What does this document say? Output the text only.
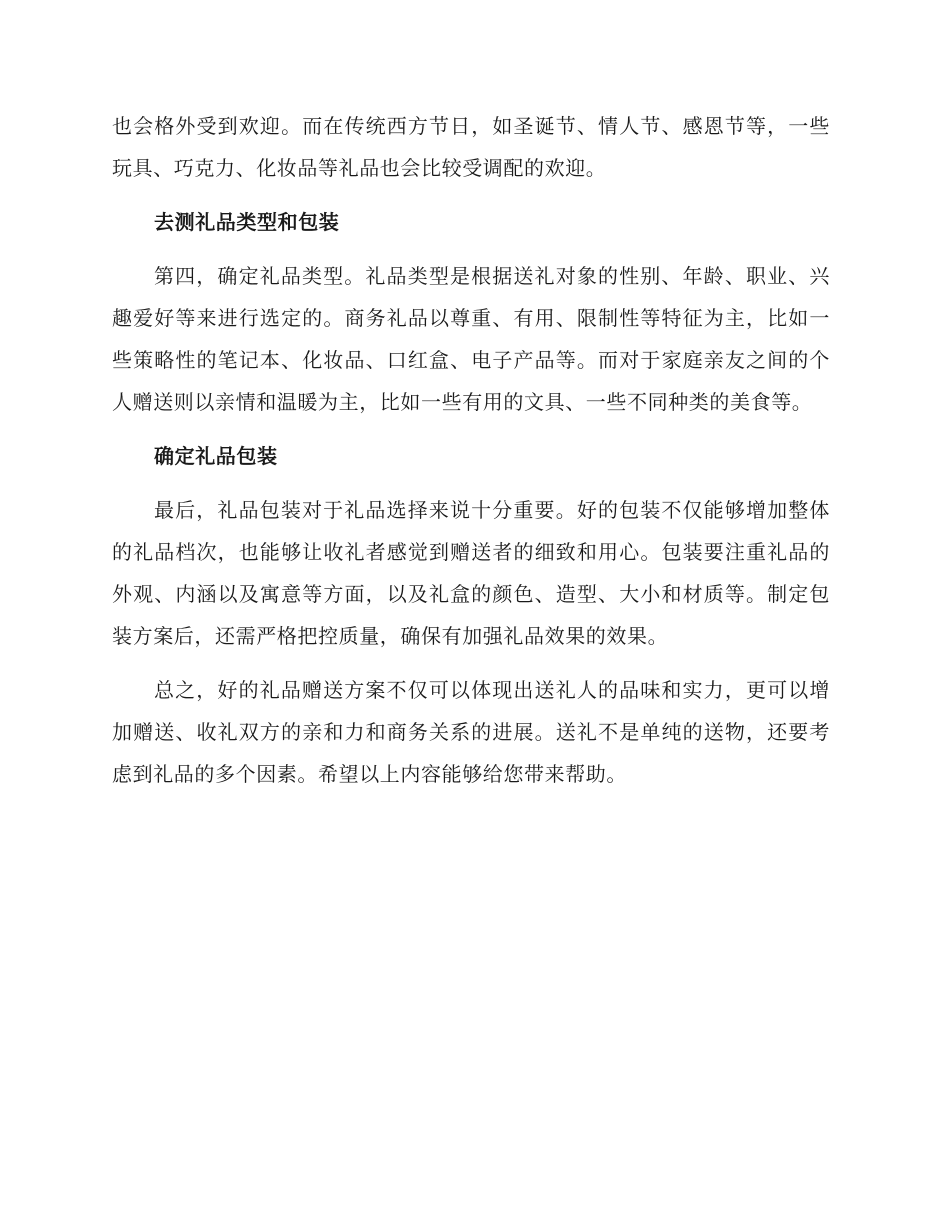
也会格外受到欢迎。而在传统西方节日，如圣诞节、情人节、感恩节等，一些玩具、巧克力、化妆品等礼品也会比较受调配的欢迎。

去测礼品类型和包装

第四，确定礼品类型。礼品类型是根据送礼对象的性别、年龄、职业、兴趣爱好等来进行选定的。商务礼品以尊重、有用、限制性等特征为主，比如一些策略性的笔记本、化妆品、口红盒、电子产品等。而对于家庭亲友之间的个人赠送则以亲情和温暖为主，比如一些有用的文具、一些不同种类的美食等。

确定礼品包装

最后，礼品包装对于礼品选择来说十分重要。好的包装不仅能够增加整体的礼品档次，也能够让收礼者感觉到赠送者的细致和用心。包装要注重礼品的外观、内涵以及寓意等方面，以及礼盒的颜色、造型、大小和材质等。制定包装方案后，还需严格把控质量，确保有加强礼品效果的效果。

总之，好的礼品赠送方案不仅可以体现出送礼人的品味和实力，更可以增加赠送、收礼双方的亲和力和商务关系的进展。送礼不是单纯的送物，还要考虑到礼品的多个因素。希望以上内容能够给您带来帮助。
